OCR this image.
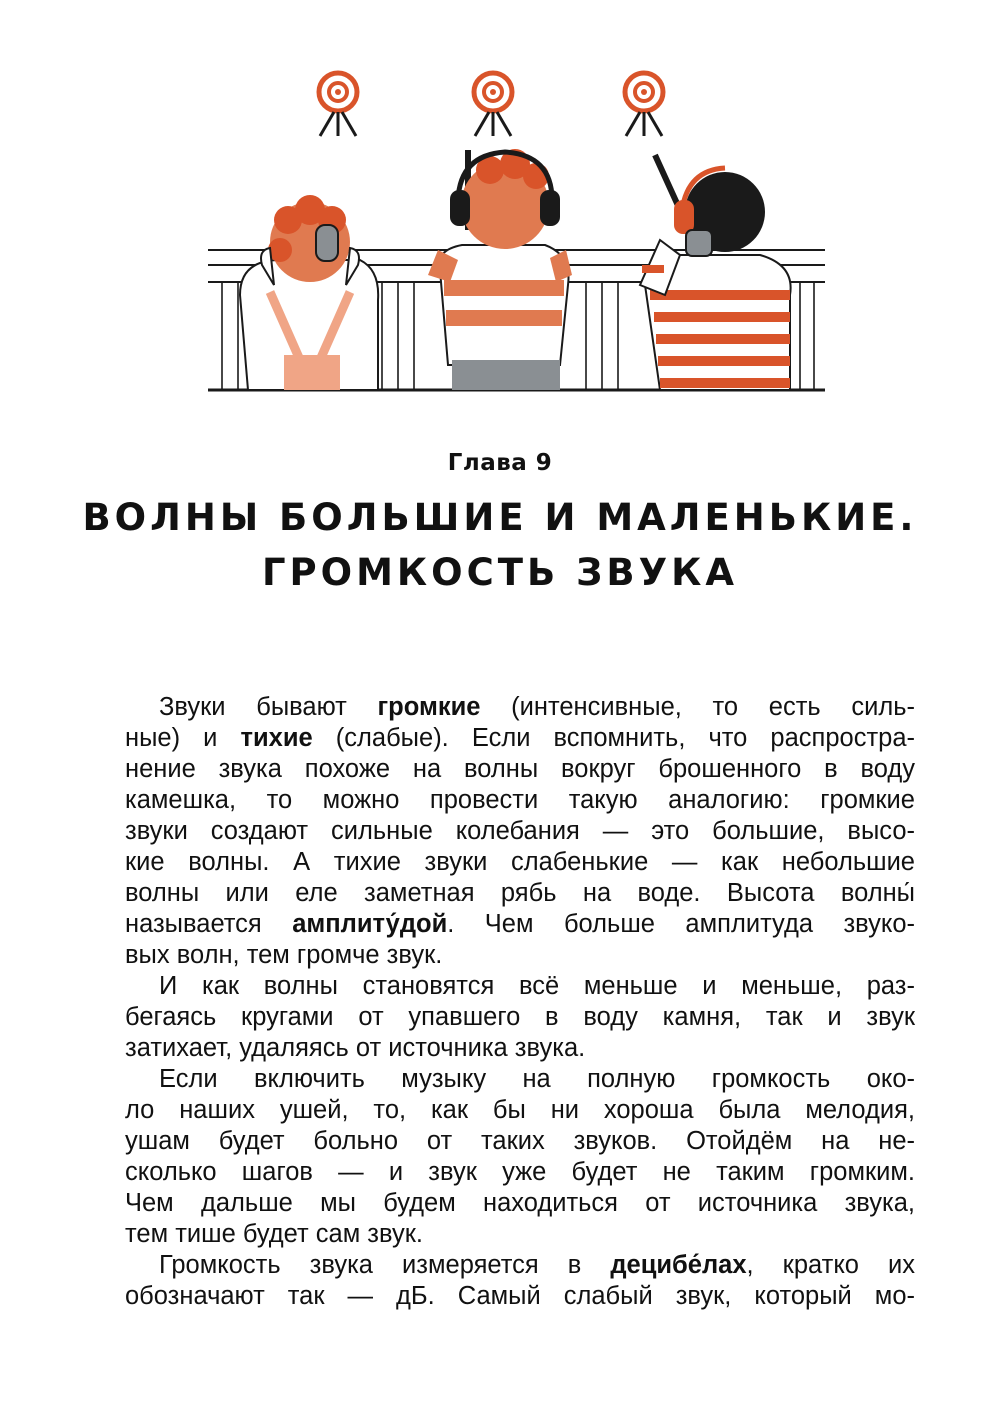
Глава 9
ВОЛНЫ БОЛЬШИЕ И МАЛЕНЬКИЕ.
ГРОМКОСТЬ ЗВУКА
Звуки бывают громкие (интенсивные, то есть силь-
ные) и тихие (слабые). Если вспомнить, что распростра-
нение звука похоже на волны вокруг брошенного в воду
камешка, то можно провести такую аналогию: громкие
звуки создают сильные колебания — это большие, высо-
кие волны. А тихие звуки слабенькие — как небольшие
волны или еле заметная рябь на воде. Высота волны́
называется амплиту́дой. Чем больше амплитуда звуко-
вых волн, тем громче звук.
И как волны становятся всё меньше и меньше, раз-
бегаясь кругами от упавшего в воду камня, так и звук
затихает, удаляясь от источника звука.
Если включить музыку на полную громкость око-
ло наших ушей, то, как бы ни хороша была мелодия,
ушам будет больно от таких звуков. Отойдём на не-
сколько шагов — и звук уже будет не таким громким.
Чем дальше мы будем находиться от источника звука,
тем тише будет сам звук.
Громкость звука измеряется в децибе́лах, кратко их
обозначают так — дБ. Самый слабый звук, который мо-
